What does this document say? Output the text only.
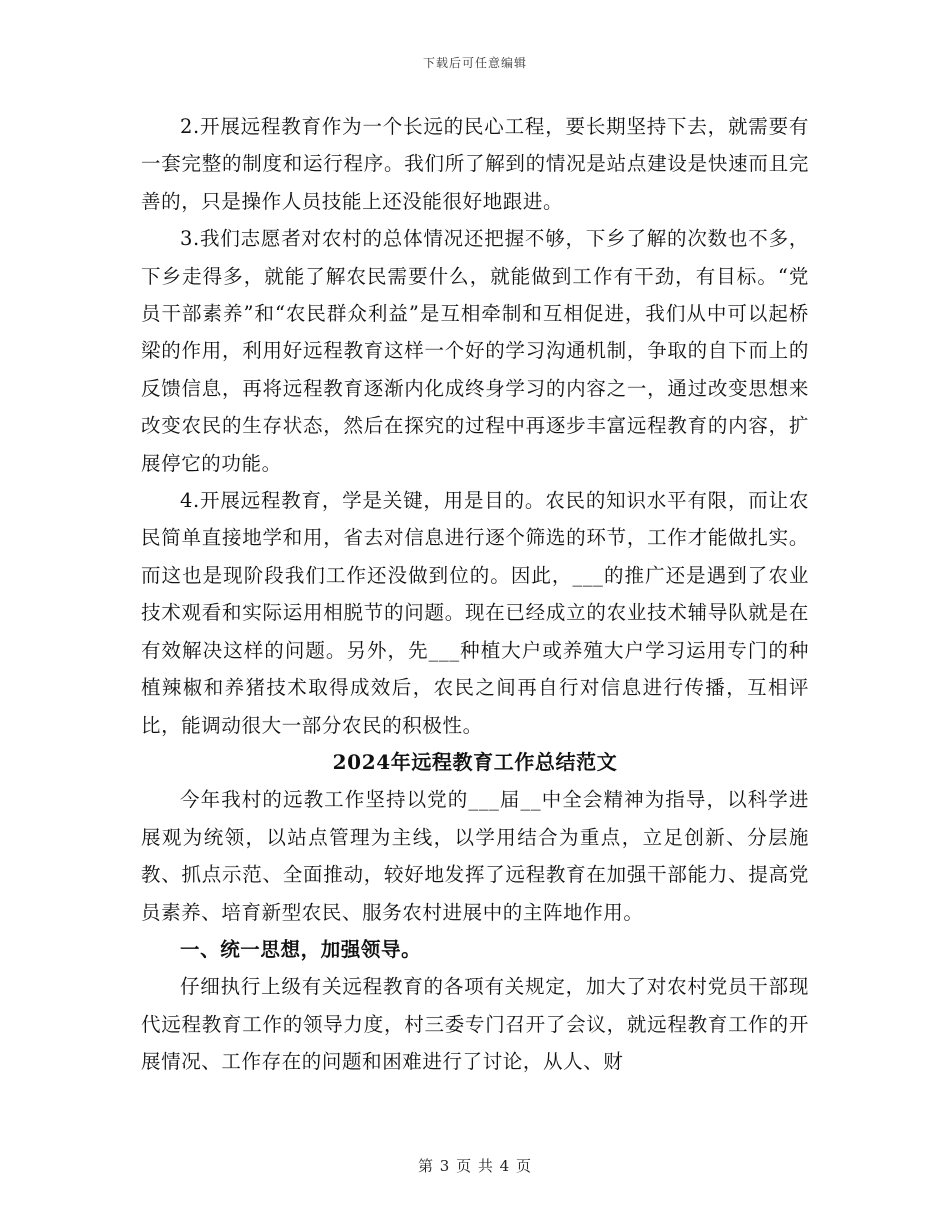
下载后可任意编辑

2.开展远程教育作为一个长远的民心工程，要长期坚持下去，就需要有一套完整的制度和运行程序。我们所了解到的情况是站点建设是快速而且完善的，只是操作人员技能上还没能很好地跟进。

3.我们志愿者对农村的总体情况还把握不够，下乡了解的次数也不多，下乡走得多，就能了解农民需要什么，就能做到工作有干劲，有目标。“党员干部素养”和“农民群众利益”是互相牵制和互相促进，我们从中可以起桥梁的作用，利用好远程教育这样一个好的学习沟通机制，争取的自下而上的反馈信息，再将远程教育逐渐内化成终身学习的内容之一，通过改变思想来改变农民的生存状态，然后在探究的过程中再逐步丰富远程教育的内容，扩展停它的功能。

4.开展远程教育，学是关键，用是目的。农民的知识水平有限，而让农民简单直接地学和用，省去对信息进行逐个筛选的环节，工作才能做扎实。而这也是现阶段我们工作还没做到位的。因此，___的推广还是遇到了农业技术观看和实际运用相脱节的问题。现在已经成立的农业技术辅导队就是在有效解决这样的问题。另外，先___种植大户或养殖大户学习运用专门的种植辣椒和养猪技术取得成效后，农民之间再自行对信息进行传播，互相评比，能调动很大一部分农民的积极性。

2024年远程教育工作总结范文

今年我村的远教工作坚持以党的___届__中全会精神为指导，以科学进展观为统领，以站点管理为主线，以学用结合为重点，立足创新、分层施教、抓点示范、全面推动，较好地发挥了远程教育在加强干部能力、提高党员素养、培育新型农民、服务农村进展中的主阵地作用。

一、统一思想，加强领导。

仔细执行上级有关远程教育的各项有关规定，加大了对农村党员干部现代远程教育工作的领导力度，村三委专门召开了会议，就远程教育工作的开展情况、工作存在的问题和困难进行了讨论，从人、财

第 3 页 共 4 页
